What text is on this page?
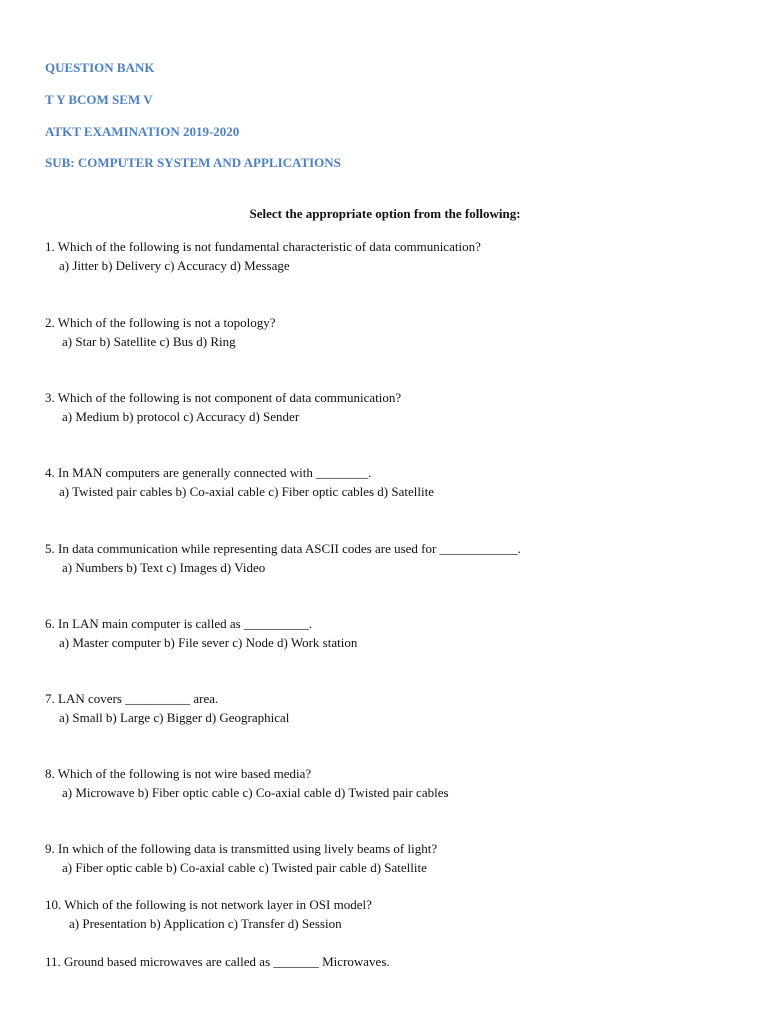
QUESTION BANK
T Y BCOM SEM V
ATKT EXAMINATION 2019-2020
SUB: COMPUTER SYSTEM AND APPLICATIONS
Select the appropriate option from the following:
1. Which of the following is not fundamental characteristic of data communication?
a) Jitter b) Delivery c) Accuracy d) Message
2. Which of the following is not a topology?
a) Star b) Satellite c) Bus d) Ring
3. Which of the following is not component of data communication?
a) Medium b) protocol c) Accuracy d) Sender
4. In MAN computers are generally connected with ________.
a) Twisted pair cables b) Co-axial cable c) Fiber optic cables d) Satellite
5. In data communication while representing data ASCII codes are used for ____________.
a) Numbers b) Text c) Images d) Video
6. In LAN main computer is called as __________.
a) Master computer b) File sever c) Node d) Work station
7. LAN covers __________ area.
a) Small b) Large c) Bigger d) Geographical
8. Which of the following is not wire based media?
a) Microwave b) Fiber optic cable c) Co-axial cable d) Twisted pair cables
9. In which of the following data is transmitted using lively beams of light?
a) Fiber optic cable b) Co-axial cable c) Twisted pair cable d) Satellite
10. Which of the following is not network layer in OSI model?
a) Presentation b) Application c) Transfer d) Session
11. Ground based microwaves are called as _______ Microwaves.
